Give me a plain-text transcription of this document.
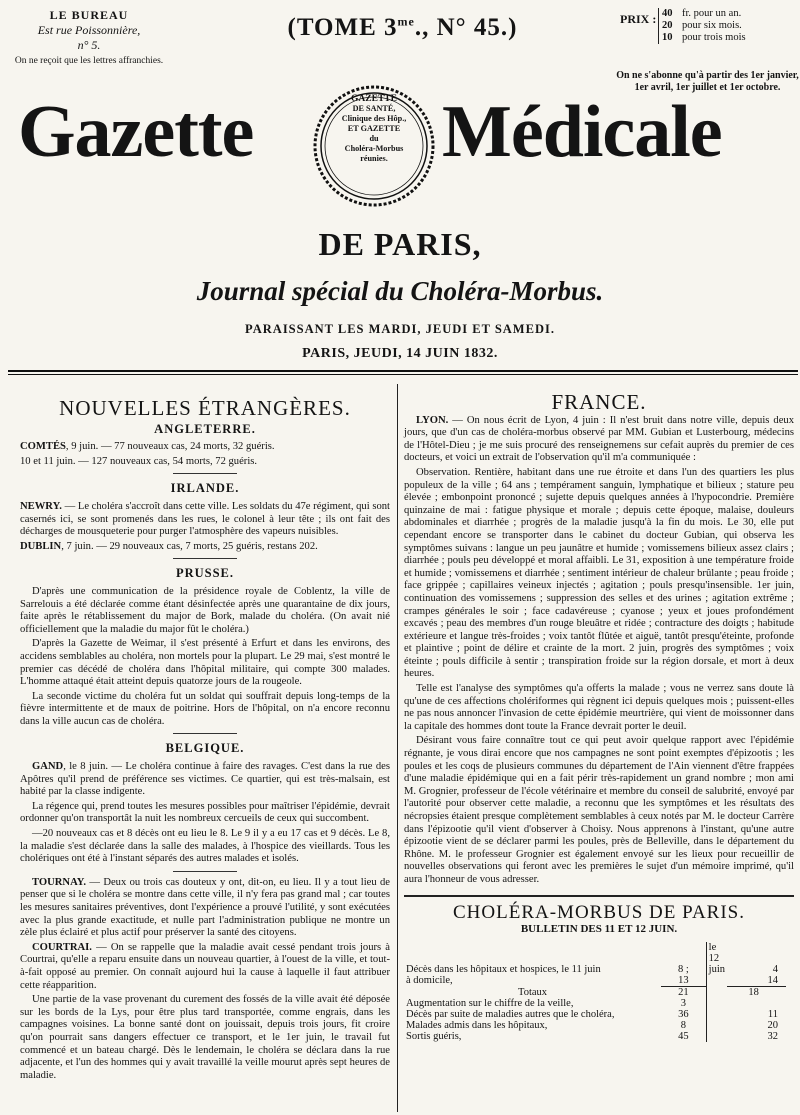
LE BUREAU
Est rue Poissonnière,
n° 5.
On ne reçoit que les lettres affranchies.
(TOME $3^{me}$., N° 45.)	PRIX : 40 fr. pour un an.
20 pour six mois.
10 pour trois mois
On ne s'abonne qu'à partir des 1er janvier, 1er avril, 1er juillet et 1er octobre.
Gazette	GAZETTE
DE SANTÉ,
Clinique des Hôp.,
ET GAZETTE
du
Choléra-Morbus
réunies. Médicale
DE PARIS,
Journal spécial du Choléra-Morbus.
PARAISSANT LES MARDI, JEUDI ET SAMEDI.
PARIS, JEUDI, 14 JUIN 1832.
NOUVELLES ÉTRANGÈRES.
ANGLETERRE.

COMTÉS, 9 juin. — 77 nouveaux cas, 24 morts, 32 guéris.

10 et 11 juin. — 127 nouveaux cas, 54 morts, 72 guéris.

IRLANDE.

NEWRY. — Le choléra s'accroît dans cette ville. Les soldats du 47e régiment, qui sont casernés ici, se sont promenés dans les rues, le colonel à leur tête ; ils ont fait des décharges de mousqueterie pour purger l'atmosphère des vapeurs nuisibles.

DUBLIN, 7 juin. — 29 nouveaux cas, 7 morts, 25 guéris, restans 202.

PRUSSE.

D'après une communication de la présidence royale de Coblentz, la ville de Sarrelouis a été déclarée comme étant désinfectée après une quarantaine de dix jours, faite après le rétablissement du major de Bork, malade du choléra. (On avait nié officiellement que la maladie du major fût le choléra.)

D'après la Gazette de Weimar, il s'est présenté à Erfurt et dans les environs, des accidens semblables au choléra, non mortels pour la plupart. Le 29 mai, s'est montré le premier cas décédé de choléra dans l'hôpital militaire, qui compte 300 malades. L'homme attaqué était atteint depuis quatorze jours de la rougeole.

La seconde victime du choléra fut un soldat qui souffrait depuis long-temps de la fièvre intermittente et de maux de poitrine. Hors de l'hôpital, on n'a encore reconnu dans la ville aucun cas de choléra.

BELGIQUE.

GAND, le 8 juin. — Le choléra continue à faire des ravages. C'est dans la rue des Apôtres qu'il prend de préférence ses victimes. Ce quartier, qui est très-malsain, est habité par la classe indigente.

La régence qui, prend toutes les mesures possibles pour maîtriser l'épidémie, devrait ordonner qu'on transportât la nuit les nombreux cercueils de ceux qui succombent.

—20 nouveaux cas et 8 décès ont eu lieu le 8. Le 9 il y a eu 17 cas et 9 décès. Le 8, la maladie s'est déclarée dans la salle des malades, à l'hospice des vieillards. Tous les cholériques ont été à l'instant séparés des autres malades et isolés.

TOURNAY. — Deux ou trois cas douteux y ont, dit-on, eu lieu. Il y a tout lieu de penser que si le choléra se montre dans cette ville, il n'y fera pas grand mal ; car toutes les mesures sanitaires préventives, dont l'expérience a prouvé l'utilité, y sont exécutées avec la plus grande exactitude, et nulle part l'administration publique ne montre un zèle plus éclairé et plus actif pour préserver la santé des citoyens.

COURTRAI. — On se rappelle que la maladie avait cessé pendant trois jours à Courtrai, qu'elle a reparu ensuite dans un nouveau quartier, à l'ouest de la ville, et tout-à-fait opposé au premier. On connaît aujourd hui la cause à laquelle il faut attribuer cette réapparition.

Une partie de la vase provenant du curement des fossés de la ville avait été déposée sur les bords de la Lys, pour être plus tard transportée, comme engrais, dans les campagnes voisines. La bonne santé dont on jouissait, depuis trois jours, fit croire qu'on pourrait sans dangers effectuer ce transport, et le 1er juin, le travail fut commencé et un bateau chargé. Dès le lendemain, le choléra se déclara dans la rue adjacente, et l'un des hommes qui y avait travaillé la veille mourut après sept heures de maladie.

FRANCE.

LYON. — On nous écrit de Lyon, 4 juin : Il n'est bruit dans notre ville, depuis deux jours, que d'un cas de choléra-morbus observé par MM. Gubian et Lusterbourg, médecins de l'Hôtel-Dieu ; je me suis procuré des renseignemens sur cefait auprès du premier de ces docteurs, et voici un extrait de l'observation qu'il m'a communiquée :

Observation. Rentière, habitant dans une rue étroite et dans l'un des quartiers les plus populeux de la ville ; 64 ans ; tempérament sanguin, lymphatique et bilieux ; stature peu élevée ; embonpoint prononcé ; sujette depuis quelques années à l'hypocondrie. Première quinzaine de mai : fatigue physique et morale ; depuis cette époque, malaise, douleurs abdominales et diarrhée ; progrès de la maladie jusqu'à la fin du mois. Le 30, elle put cependant encore se transporter dans le cabinet du docteur Gubian, qui observa les symptômes suivans : langue un peu jaunâtre et humide ; vomissemens bilieux assez clairs ; diarrhée ; pouls peu développé et moral affaibli. Le 31, exposition à une température froide et humide ; vomissemens et diarrhée ; sentiment intérieur de chaleur brûlante ; peau froide ; face grippée ; capillaires veineux injectés ; agitation ; pouls presqu'insensible. 1er juin, continuation des vomissemens ; suppression des selles et des urines ; agitation extrême ; crampes générales le soir ; face cadavéreuse ; cyanose ; yeux et joues profondément excavés ; peau des membres d'un rouge bleuâtre et ridée ; contracture des doigts ; habitude extérieure et langue très-froides ; voix tantôt flûtée et aiguë, tantôt presqu'éteinte, profonde et plaintive ; point de délire et crainte de la mort. 2 juin, progrès des symptômes ; voix éteinte ; pouls difficile à sentir ; transpiration froide sur la région dorsale, et mort à deux heures.

Telle est l'analyse des symptômes qu'a offerts la malade ; vous ne verrez sans doute là qu'une de ces affections cholériformes qui règnent ici depuis quelques mois ; puissent-elles ne pas nous annoncer l'invasion de cette épidémie meurtrière, qui vient de moissonner dans la capitale des hommes dont toute la France devrait porter le deuil.

Désirant vous faire connaître tout ce qui peut avoir quelque rapport avec l'épidémie régnante, je vous dirai encore que nos campagnes ne sont point exemptes d'épizootis ; les poules et les coqs de plusieurs communes du département de l'Ain viennent d'être frappées d'une maladie épidémique qui en a fait périr très-rapidement un grand nombre ; mon ami M. Grognier, professeur de l'école vétérinaire et membre du conseil de salubrité, envoyé par l'autorité pour observer cette maladie, a reconnu que les symptômes et les résultats des nécropsies étaient presque complètement semblables à ceux notés par M. le docteur Carrère dans l'épizootie qu'il vient d'observer à Choisy. Nous apprenons à l'instant, qu'une autre épizootie vient de se déclarer parmi les poules, près de Belleville, dans le département du Rhône. M. le professeur Grognier est également envoyé sur les lieux pour recueillir de nouvelles observations qui feront avec les premières le sujet d'un mémoire imprimé, qu'il aura l'honneur de vous adresser.

CHOLÉRA-MORBUS DE PARIS.
BULLETIN DES 11 ET 12 JUIN.
Décès dans les hôpitaux et hospices, le 11 juin	8 ;	le 12 juin	4
à domicile,	13		14
Totaux	21		18
Augmentation sur le chiffre de la veille,	3		
Décès par suite de maladies autres que le choléra,	36		11
Malades admis dans les hôpitaux,	8		20
Sortis guéris,	45		32
